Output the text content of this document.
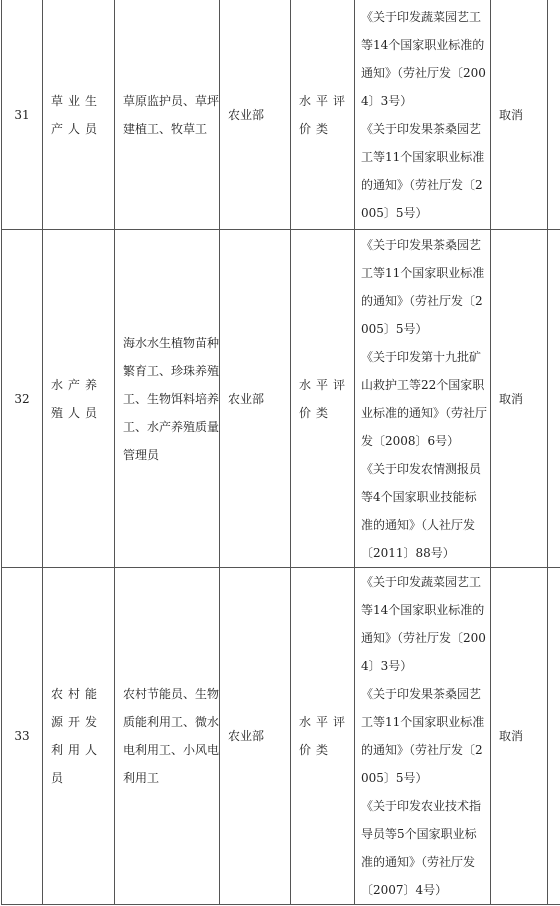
31	草业生产人员	草原监护员、草坪建植工、牧草工	农业部	水平评价类	《关于印发蔬菜园艺工等14个国家职业标准的通知》（劳社厅发〔2004〕3号）
《关于印发果茶桑园艺工等11个国家职业标准的通知》（劳社厅发〔2005〕5号）	取消	
32	水产养殖人员	海水水生植物苗种繁育工、珍珠养殖工、生物饵料培养工、水产养殖质量管理员	农业部	水平评价类	《关于印发果茶桑园艺工等11个国家职业标准的通知》（劳社厅发〔2005〕5号）
《关于印发第十九批矿山救护工等22个国家职业标准的通知》（劳社厅发〔2008〕6号）
《关于印发农情测报员等4个国家职业技能标准的通知》（人社厅发〔2011〕88号）	取消	
33	农村能源开发利用人员	农村节能员、生物质能利用工、微水电利用工、小风电利用工	农业部	水平评价类	《关于印发蔬菜园艺工等14个国家职业标准的通知》（劳社厅发〔2004〕3号）
《关于印发果茶桑园艺工等11个国家职业标准的通知》（劳社厅发〔2005〕5号）
《关于印发农业技术指导员等5个国家职业标准的通知》（劳社厅发〔2007〕4号）	取消	
